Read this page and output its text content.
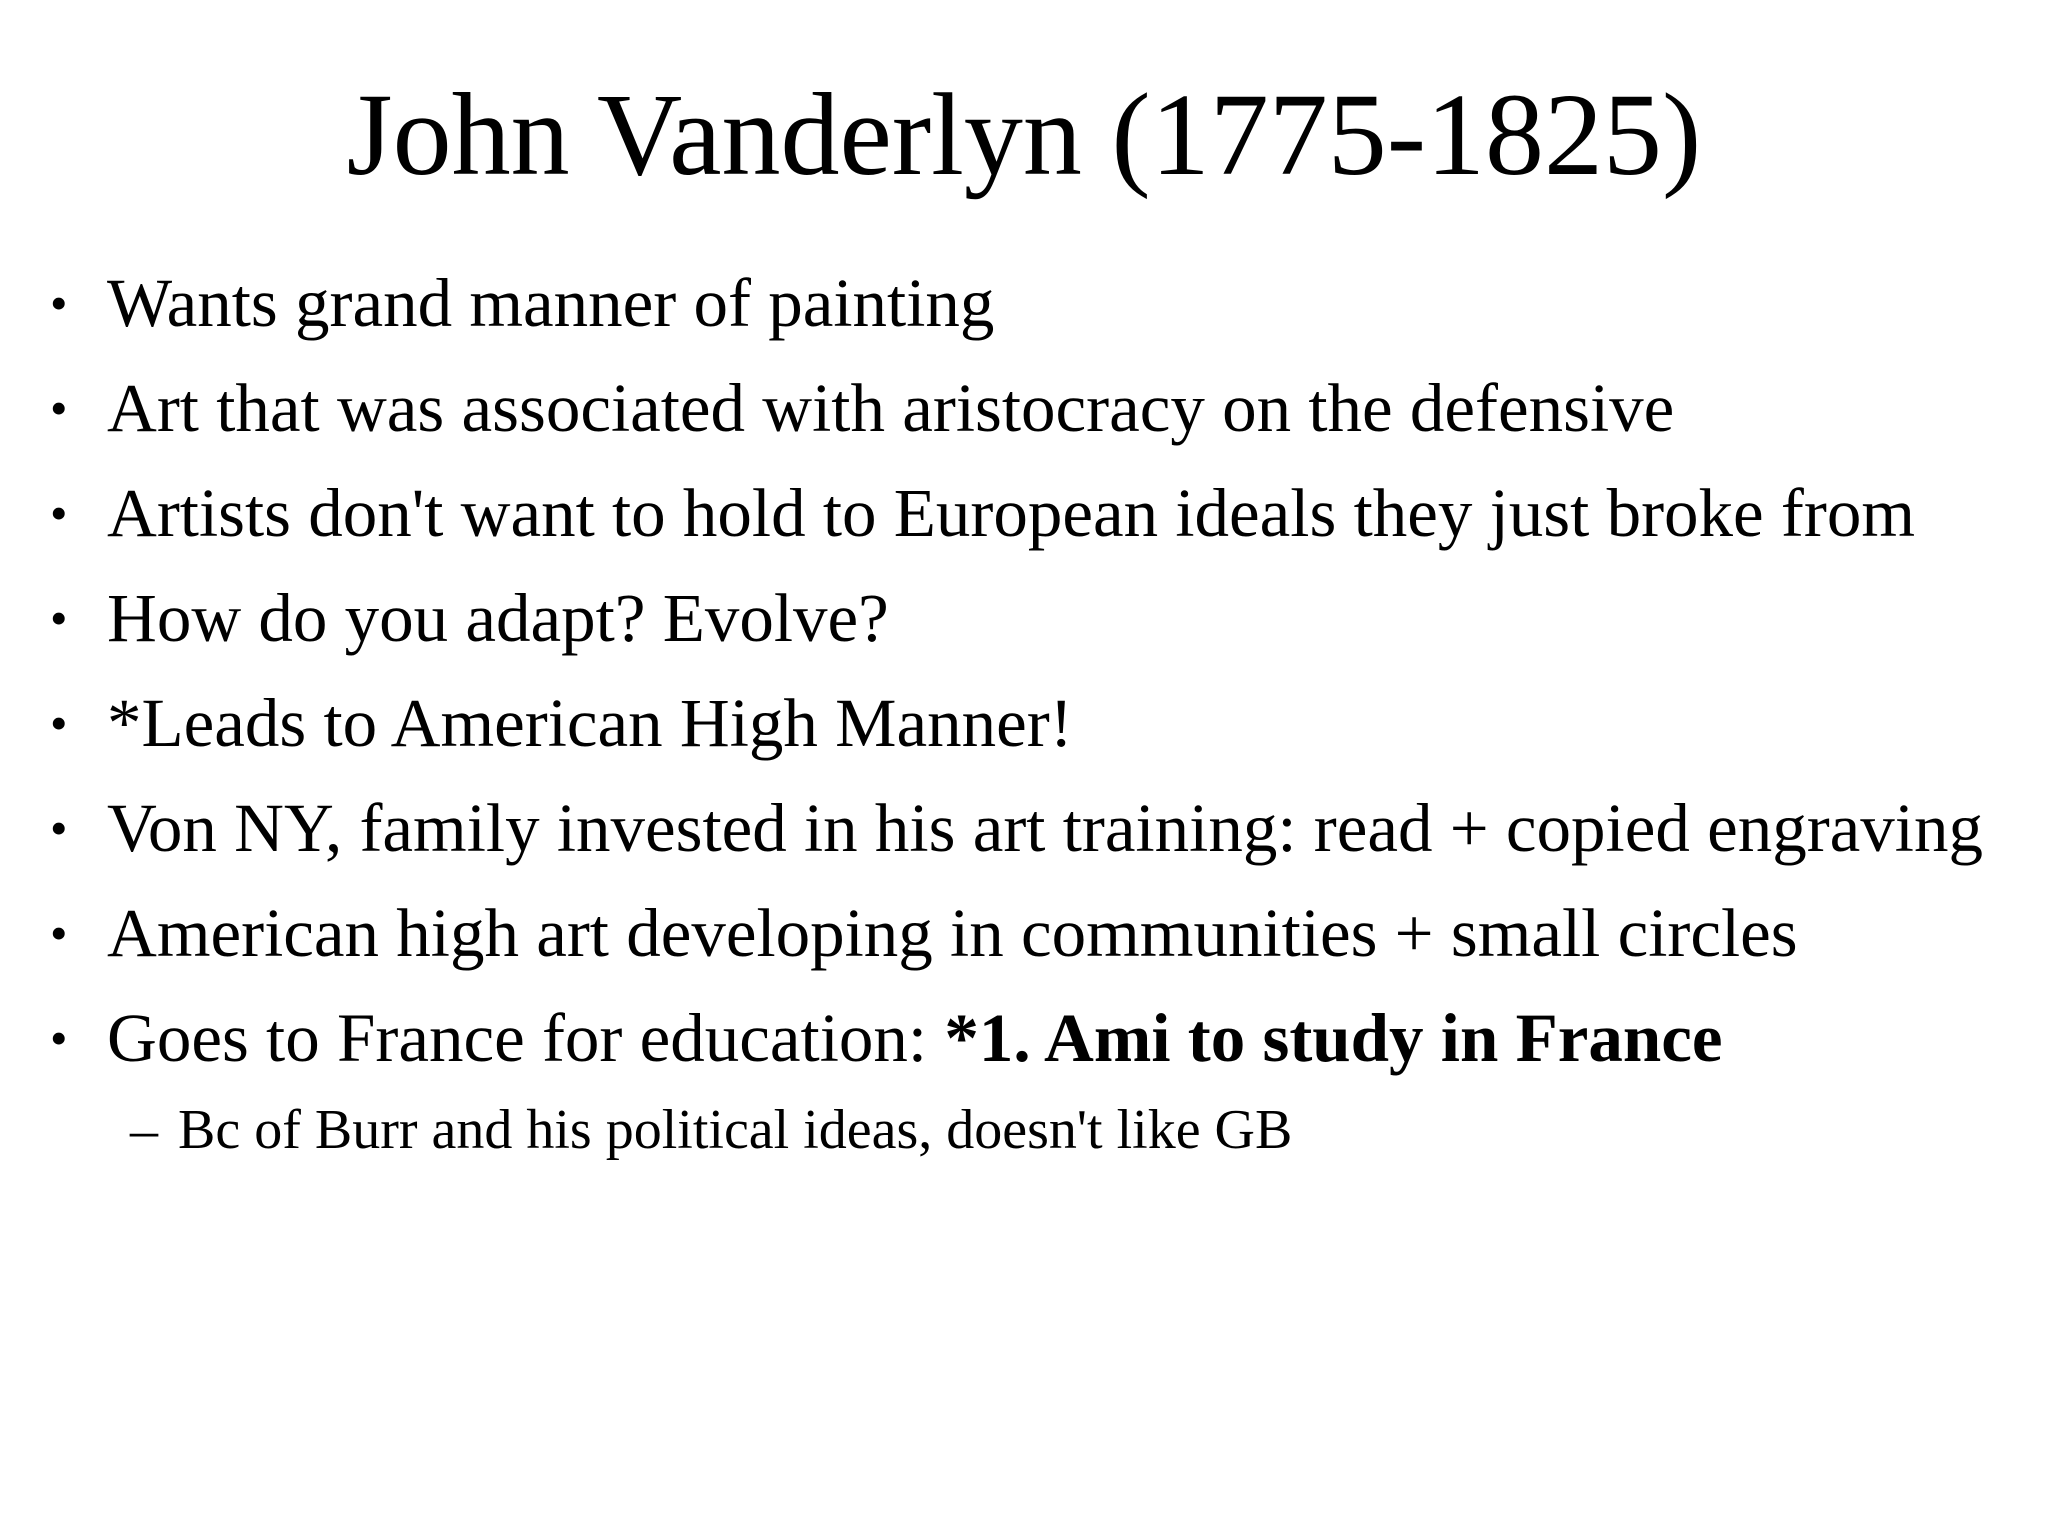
John Vanderlyn (1775-1825)
• Wants grand manner of painting
• Art that was associated with aristocracy on the defensive
• Artists don't want to hold to European ideals they just broke from
• How do you adapt? Evolve?
• *Leads to American High Manner!
• Von NY, family invested in his art training: read + copied engraving
• American high art developing in communities + small circles
• Goes to France for education: *1. Ami to study in France
– Bc of Burr and his political ideas, doesn't like GB
